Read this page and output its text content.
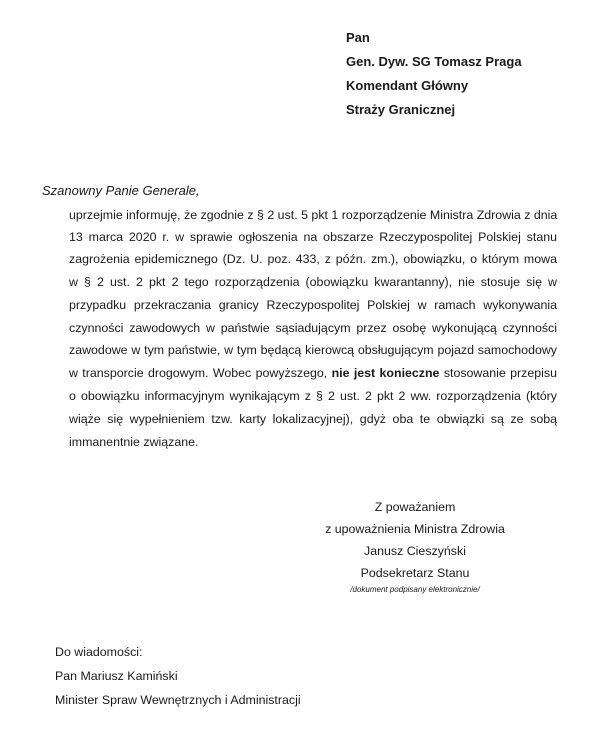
Pan
Gen. Dyw. SG Tomasz Praga
Komendant Główny
Straży Granicznej
Szanowny Panie Generale,
uprzejmie informuję, że zgodnie z § 2 ust. 5 pkt 1 rozporządzenie Ministra Zdrowia z dnia
13 marca 2020 r. w sprawie ogłoszenia na obszarze Rzeczypospolitej Polskiej stanu
zagrożenia epidemicznego (Dz. U. poz. 433, z późn. zm.), obowiązku, o którym mowa
w § 2 ust. 2 pkt 2 tego rozporządzenia (obowiązku kwarantanny), nie stosuje się w
przypadku przekraczania granicy Rzeczypospolitej Polskiej w ramach wykonywania
czynności zawodowych w państwie sąsiadującym przez osobę wykonującą czynności
zawodowe w tym państwie, w tym będącą kierowcą obsługującym pojazd samochodowy
w transporcie drogowym. Wobec powyższego, nie jest konieczne stosowanie przepisu
o obowiązku informacyjnym wynikającym z § 2 ust. 2 pkt 2 ww. rozporządzenia (który
wiąże się wypełnieniem tzw. karty lokalizacyjnej), gdyż oba te obwiązki są ze sobą
immanentnie związane.
Z poważaniem
z upoważnienia Ministra Zdrowia
Janusz Cieszyński
Podsekretarz Stanu
/dokument podpisany elektronicznie/
Do wiadomości:
Pan Mariusz Kamiński
Minister Spraw Wewnętrznych i Administracji
